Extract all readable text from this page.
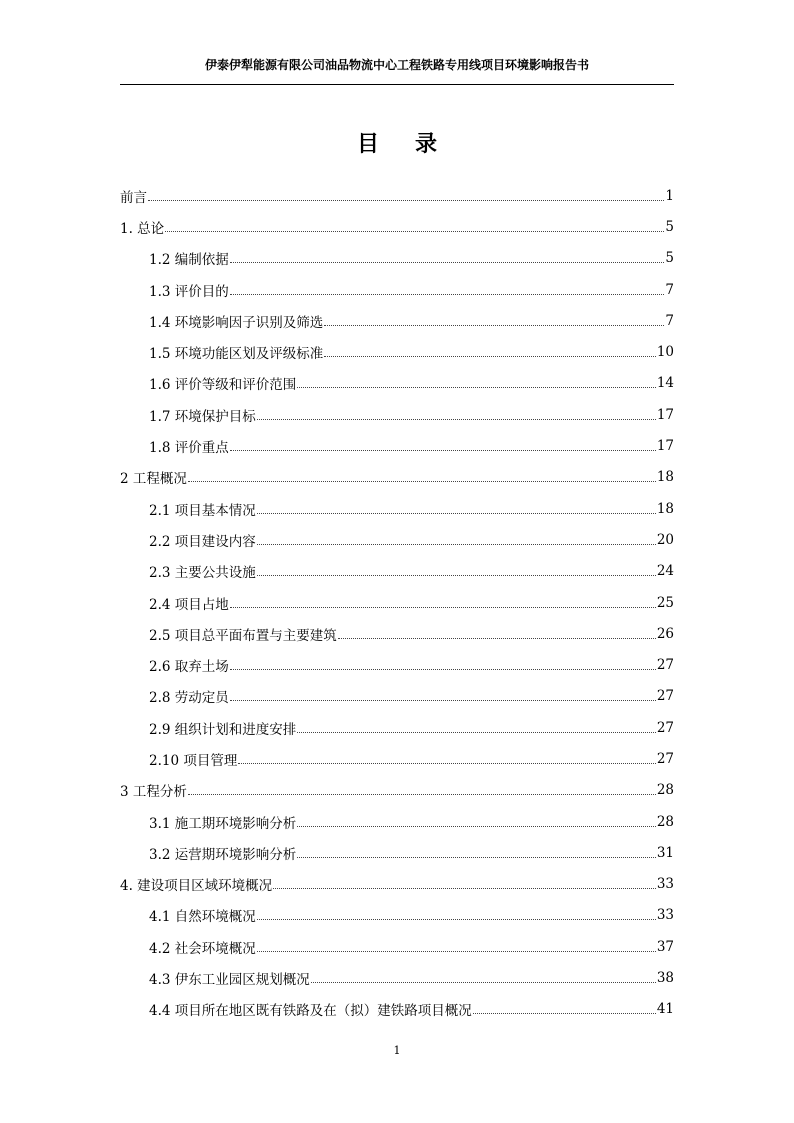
伊泰伊犁能源有限公司油品物流中心工程铁路专用线项目环境影响报告书
目录
前言	1
1. 总论	5
1.2 编制依据	5
1.3 评价目的	7
1.4 环境影响因子识别及筛选	7
1.5 环境功能区划及评级标准	10
1.6 评价等级和评价范围	14
1.7 环境保护目标	17
1.8 评价重点	17
2 工程概况	18
2.1 项目基本情况	18
2.2 项目建设内容	20
2.3 主要公共设施	24
2.4 项目占地	25
2.5 项目总平面布置与主要建筑	26
2.6 取弃土场	27
2.8 劳动定员	27
2.9 组织计划和进度安排	27
2.10 项目管理	27
3 工程分析	28
3.1 施工期环境影响分析	28
3.2 运营期环境影响分析	31
4. 建设项目区域环境概况	33
4.1 自然环境概况	33
4.2 社会环境概况	37
4.3 伊东工业园区规划概况	38
4.4 项目所在地区既有铁路及在（拟）建铁路项目概况	41
1
